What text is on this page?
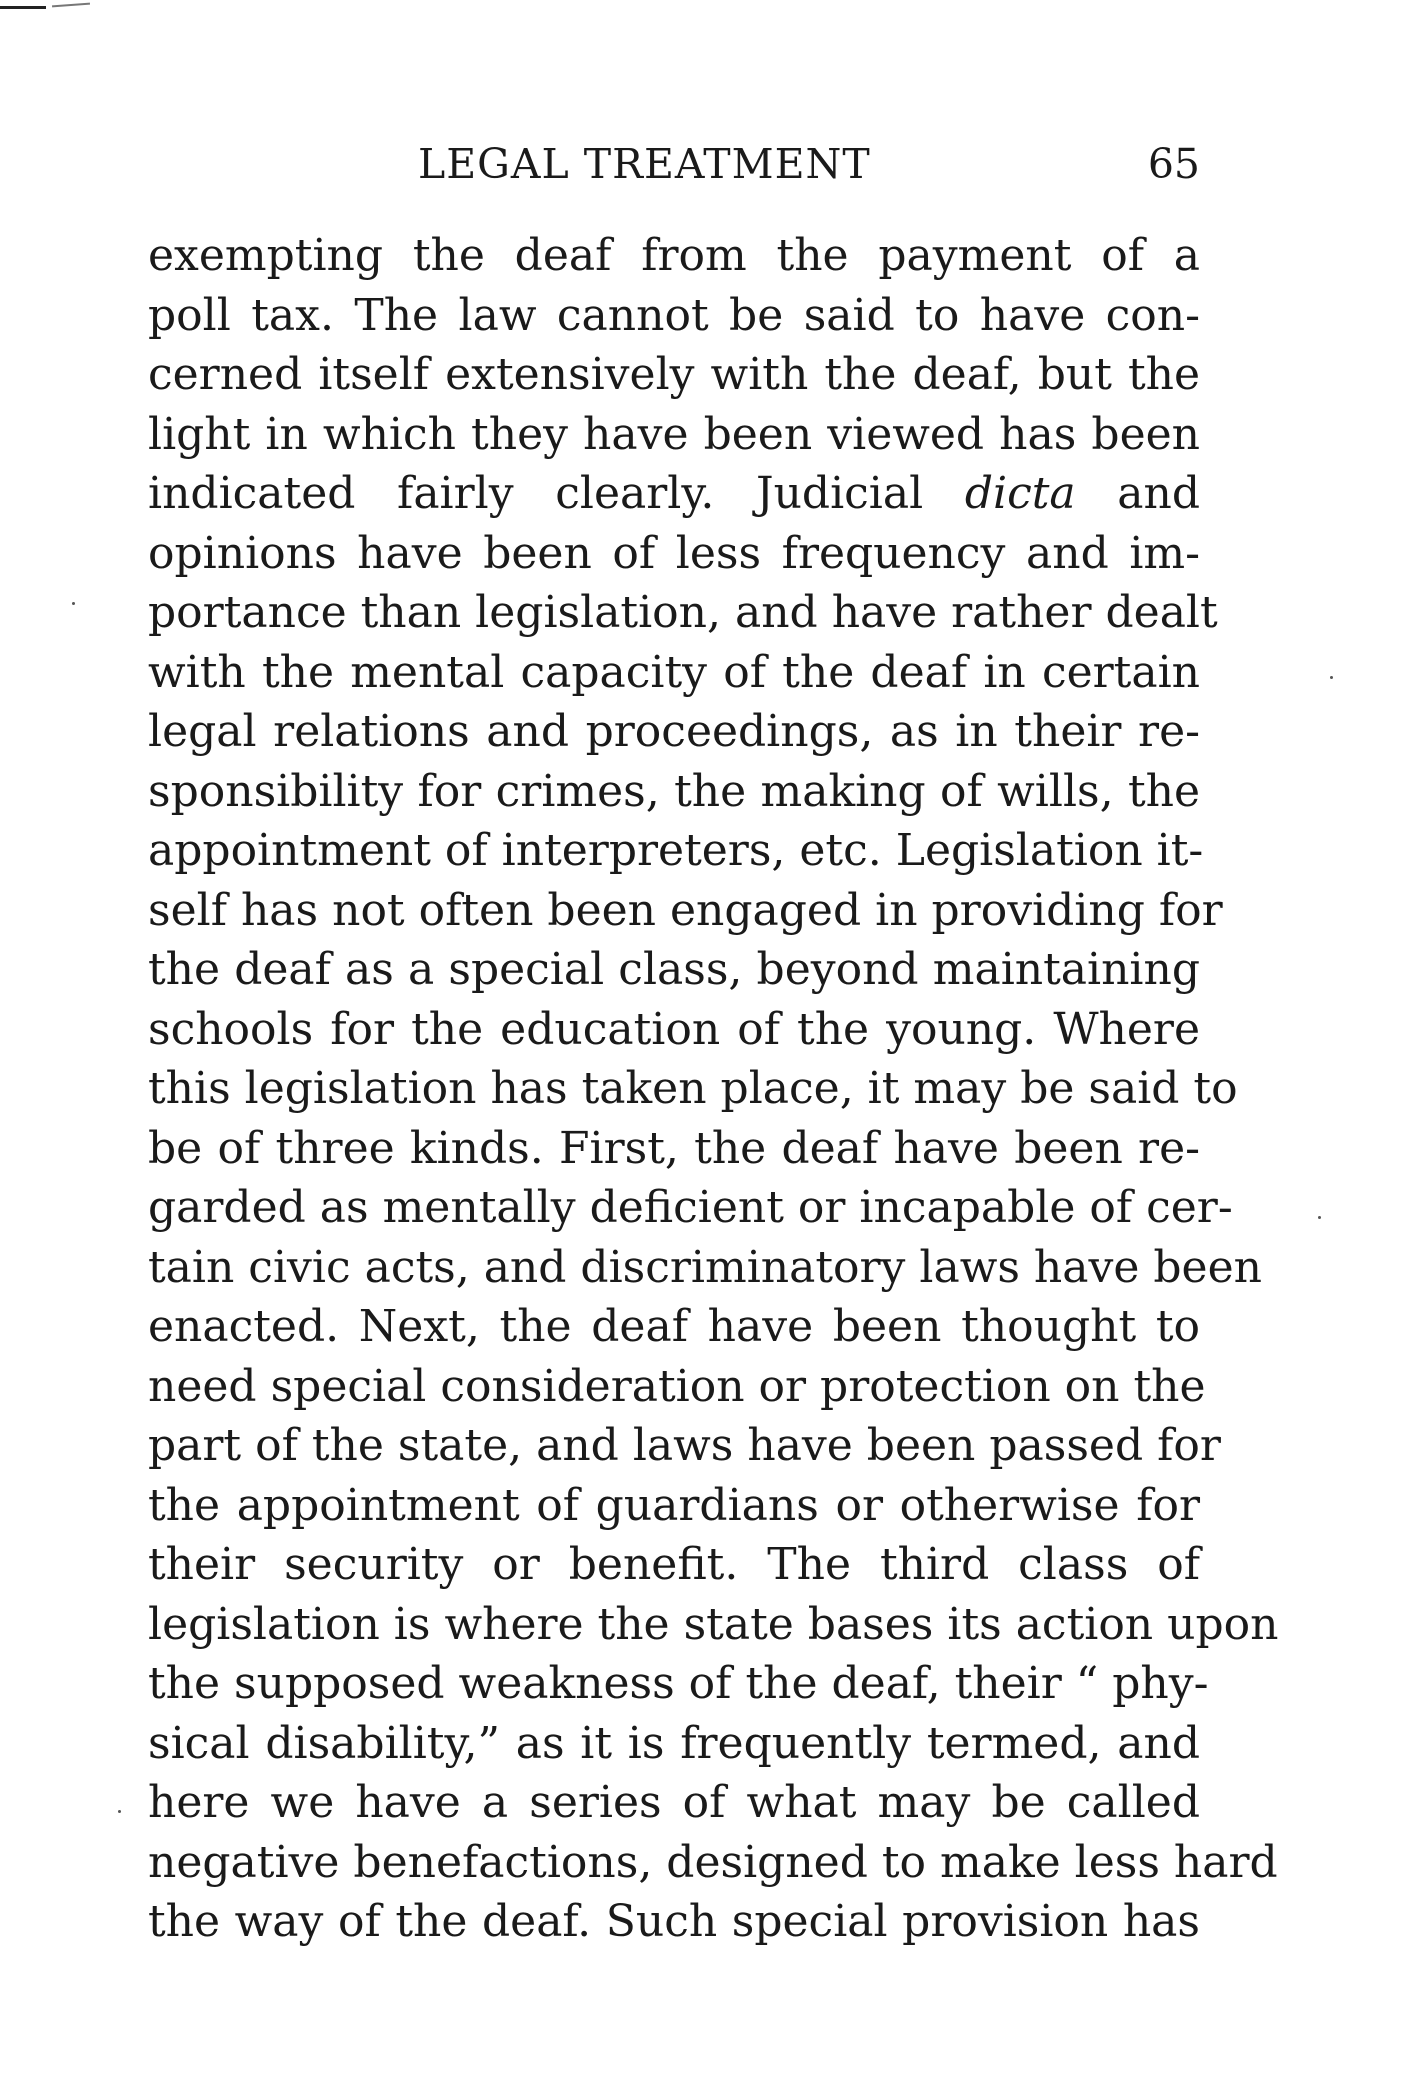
LEGAL TREATMENT	65
exempting the deaf from the payment of a
poll tax. The law cannot be said to have con-
cerned itself extensively with the deaf, but the
light in which they have been viewed has been
indicated fairly clearly. Judicial dicta and
opinions have been of less frequency and im-
portance than legislation, and have rather dealt
with the mental capacity of the deaf in certain
legal relations and proceedings, as in their re-
sponsibility for crimes, the making of wills, the
appointment of interpreters, etc. Legislation it-
self has not often been engaged in providing for
the deaf as a special class, beyond maintaining
schools for the education of the young. Where
this legislation has taken place, it may be said to
be of three kinds. First, the deaf have been re-
garded as mentally deficient or incapable of cer-
tain civic acts, and discriminatory laws have been
enacted. Next, the deaf have been thought to
need special consideration or protection on the
part of the state, and laws have been passed for
the appointment of guardians or otherwise for
their security or benefit. The third class of
legislation is where the state bases its action upon
the supposed weakness of the deaf, their “ phy-
sical disability,” as it is frequently termed, and
here we have a series of what may be called
negative benefactions, designed to make less hard
the way of the deaf. Such special provision has
